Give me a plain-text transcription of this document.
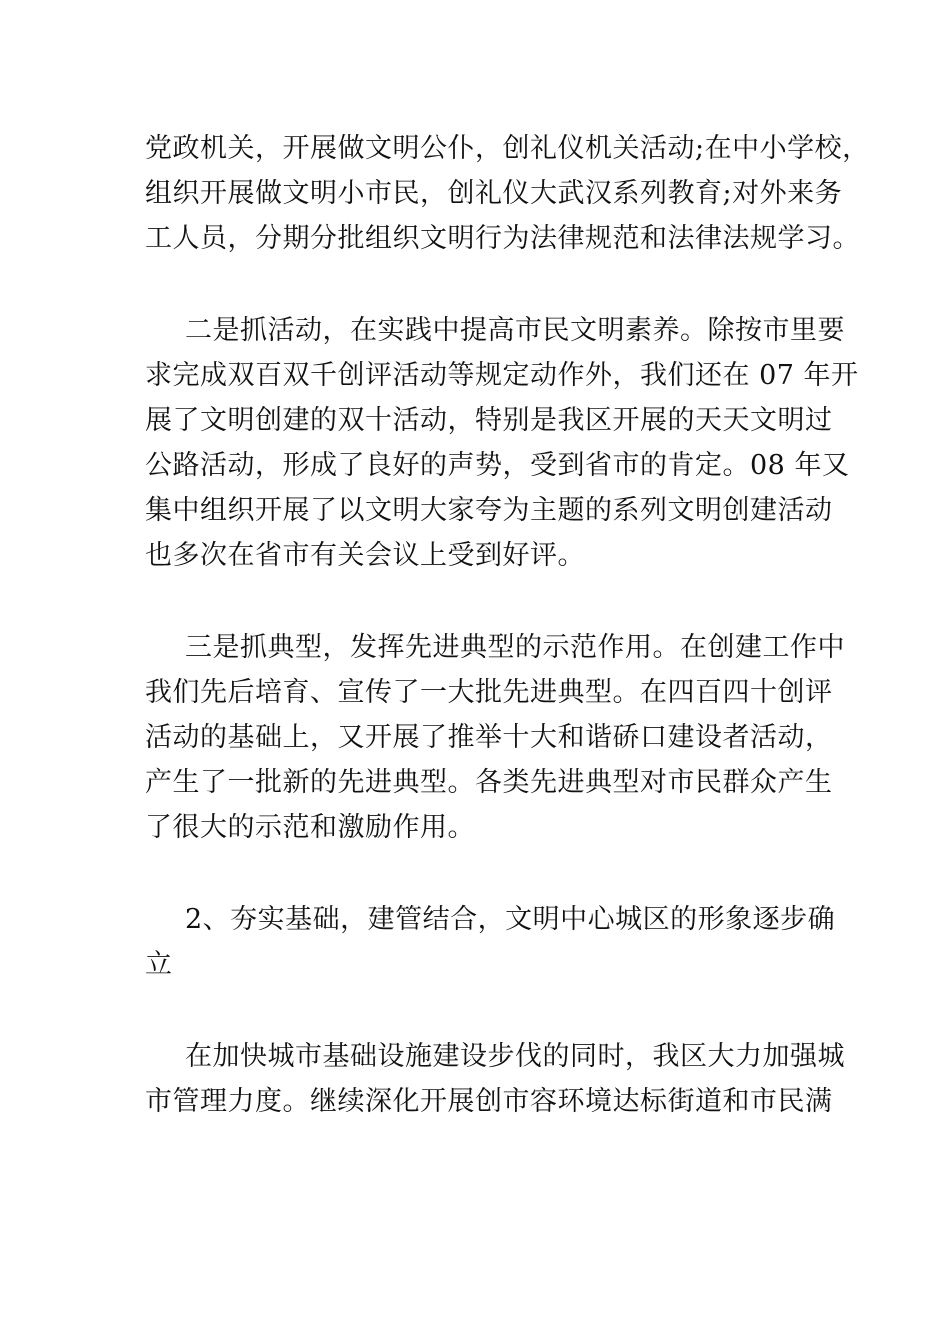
党政机关，开展做文明公仆，创礼仪机关活动;在中小学校，
组织开展做文明小市民，创礼仪大武汉系列教育;对外来务
工人员，分期分批组织文明行为法律规范和法律法规学习。
二是抓活动，在实践中提高市民文明素养。除按市里要
求完成双百双千创评活动等规定动作外，我们还在 07 年开
展了文明创建的双十活动，特别是我区开展的天天文明过
公路活动，形成了良好的声势，受到省市的肯定。08 年又
集中组织开展了以文明大家夸为主题的系列文明创建活动
也多次在省市有关会议上受到好评。
三是抓典型，发挥先进典型的示范作用。在创建工作中
我们先后培育、宣传了一大批先进典型。在四百四十创评
活动的基础上，又开展了推举十大和谐硚口建设者活动，
产生了一批新的先进典型。各类先进典型对市民群众产生
了很大的示范和激励作用。
2、夯实基础，建管结合，文明中心城区的形象逐步确
立
在加快城市基础设施建设步伐的同时，我区大力加强城
市管理力度。继续深化开展创市容环境达标街道和市民满
